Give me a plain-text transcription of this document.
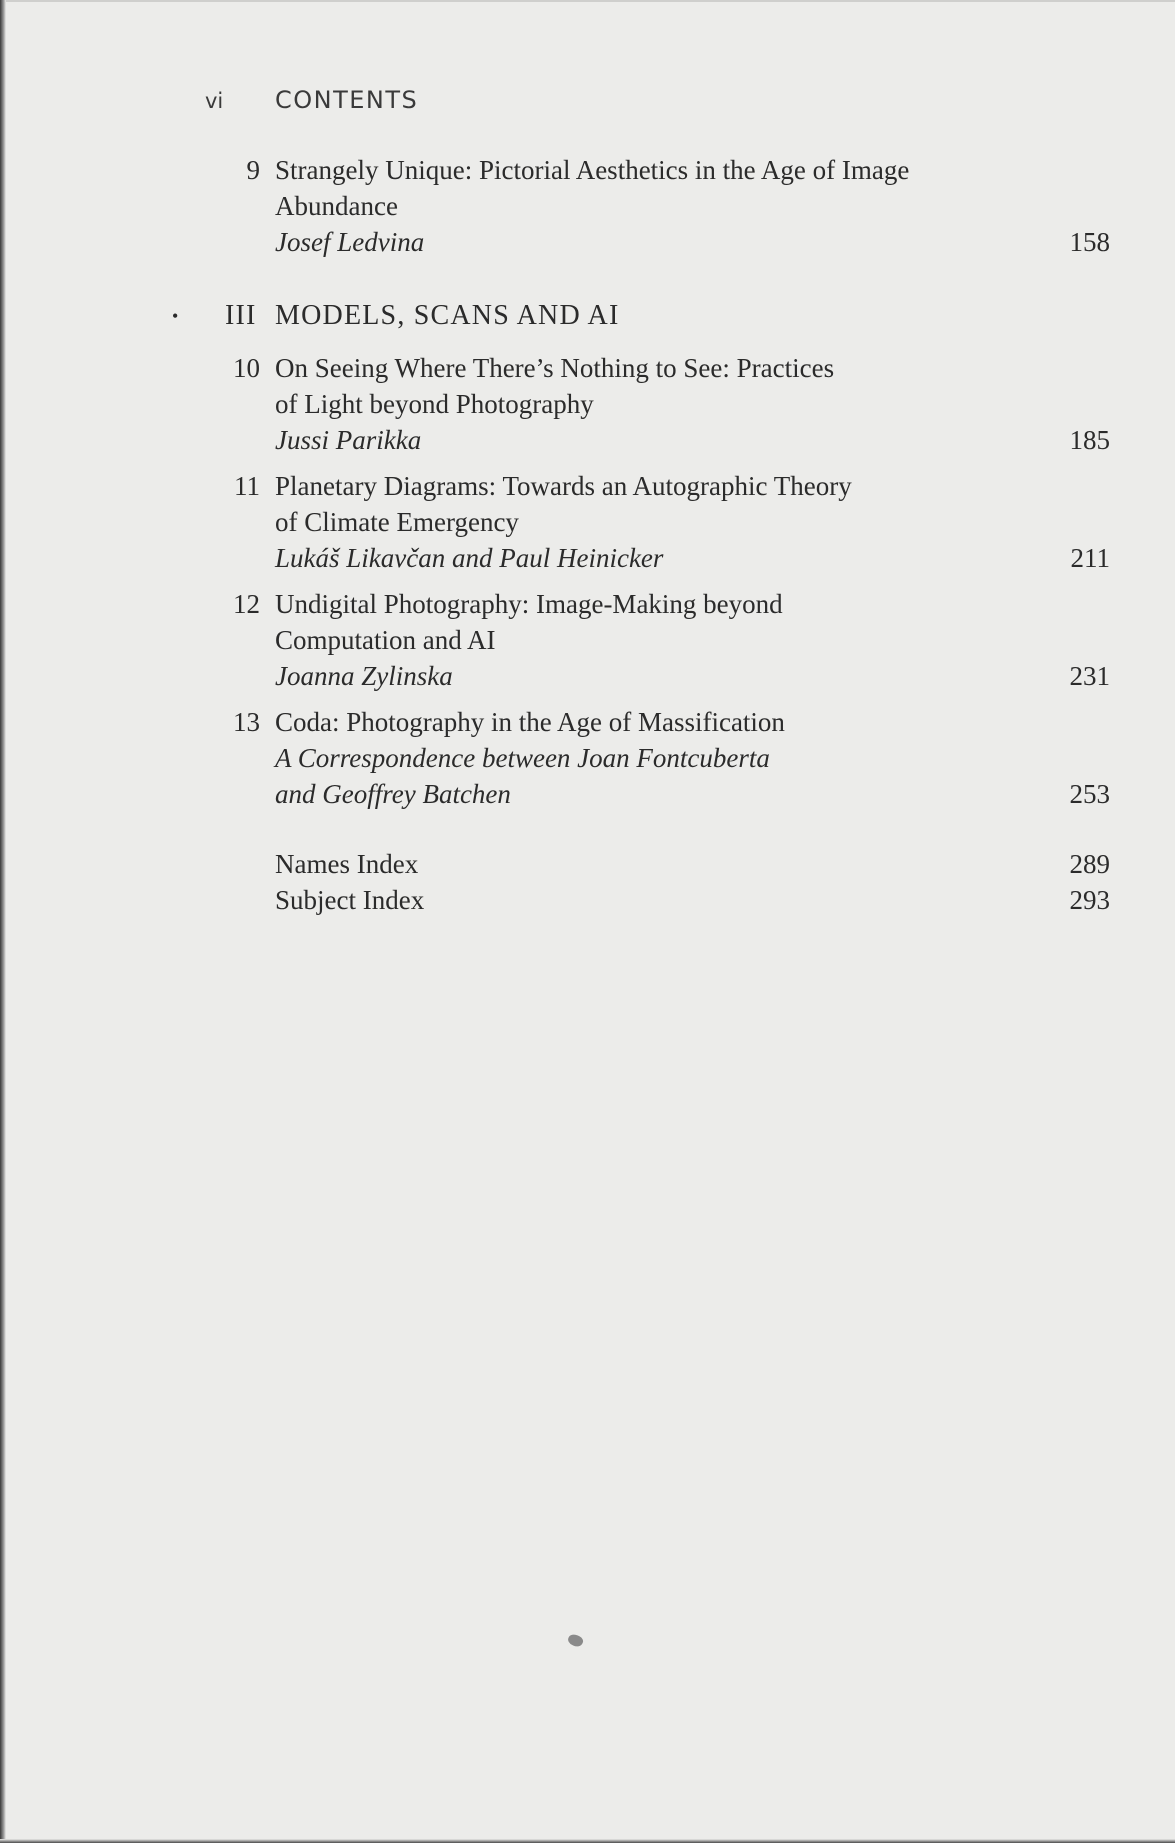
vi	CONTENTS
9 Strangely Unique: Pictorial Aesthetics in the Age of Image
Abundance
Josef Ledvina	158
• III MODELS, SCANS AND AI
10 On Seeing Where There’s Nothing to See: Practices
of Light beyond Photography
Jussi Parikka	185
11 Planetary Diagrams: Towards an Autographic Theory
of Climate Emergency
Lukáš Likavčan and Paul Heinicker	211
12 Undigital Photography: Image-Making beyond
Computation and AI
Joanna Zylinska	231
13 Coda: Photography in the Age of Massification
A Correspondence between Joan Fontcuberta
and Geoffrey Batchen	253
Names Index	289
Subject Index	293
